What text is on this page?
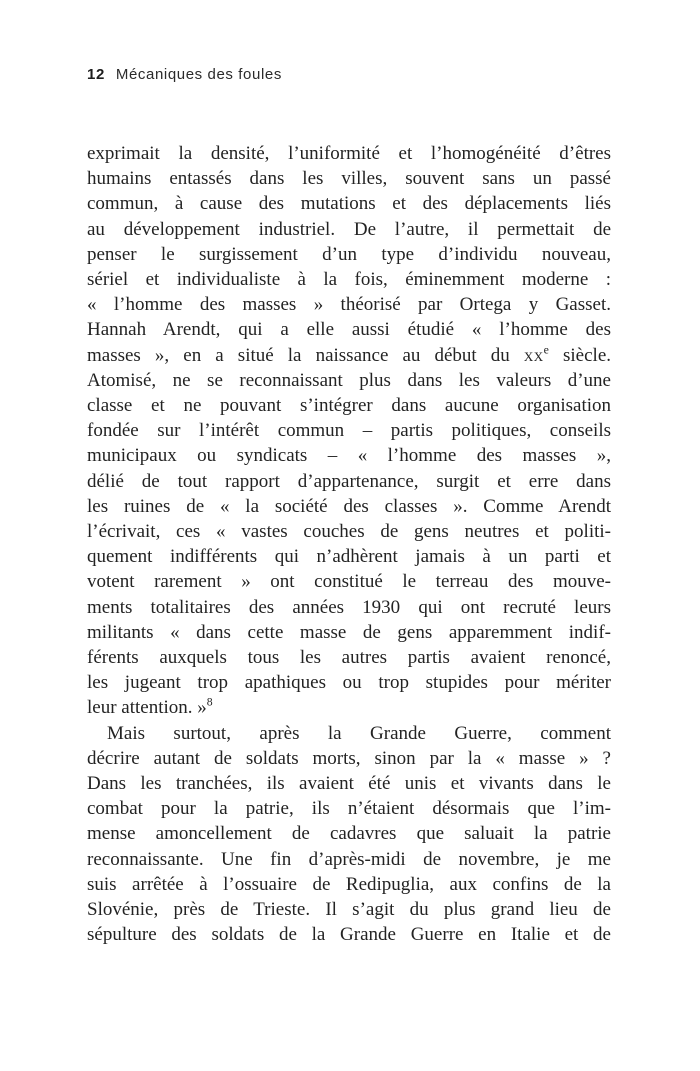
12 Mécaniques des foules
exprimait la densité, l’uniformité et l’homogénéité d’êtres
humains entassés dans les villes, souvent sans un passé
commun, à cause des mutations et des déplacements liés
au développement industriel. De l’autre, il permettait de
penser le surgissement d’un type d’individu nouveau,
sériel et individualiste à la fois, éminemment moderne :
« l’homme des masses » théorisé par Ortega y Gasset.
Hannah Arendt, qui a elle aussi étudié « l’homme des
masses », en a situé la naissance au début du $xx^e$ siècle.
Atomisé, ne se reconnaissant plus dans les valeurs d’une
classe et ne pouvant s’intégrer dans aucune organisation
fondée sur l’intérêt commun – partis politiques, conseils
municipaux ou syndicats – « l’homme des masses »,
délié de tout rapport d’appartenance, surgit et erre dans
les ruines de « la société des classes ». Comme Arendt
l’écrivait, ces « vastes couches de gens neutres et politi-
quement indifférents qui n’adhèrent jamais à un parti et
votent rarement » ont constitué le terreau des mouve-
ments totalitaires des années 1930 qui ont recruté leurs
militants « dans cette masse de gens apparemment indif-
férents auxquels tous les autres partis avaient renoncé,
les jugeant trop apathiques ou trop stupides pour mériter
leur attention. »$^8$
Mais surtout, après la Grande Guerre, comment
décrire autant de soldats morts, sinon par la « masse » ?
Dans les tranchées, ils avaient été unis et vivants dans le
combat pour la patrie, ils n’étaient désormais que l’im-
mense amoncellement de cadavres que saluait la patrie
reconnaissante. Une fin d’après-midi de novembre, je me
suis arrêtée à l’ossuaire de Redipuglia, aux confins de la
Slovénie, près de Trieste. Il s’agit du plus grand lieu de
sépulture des soldats de la Grande Guerre en Italie et de
